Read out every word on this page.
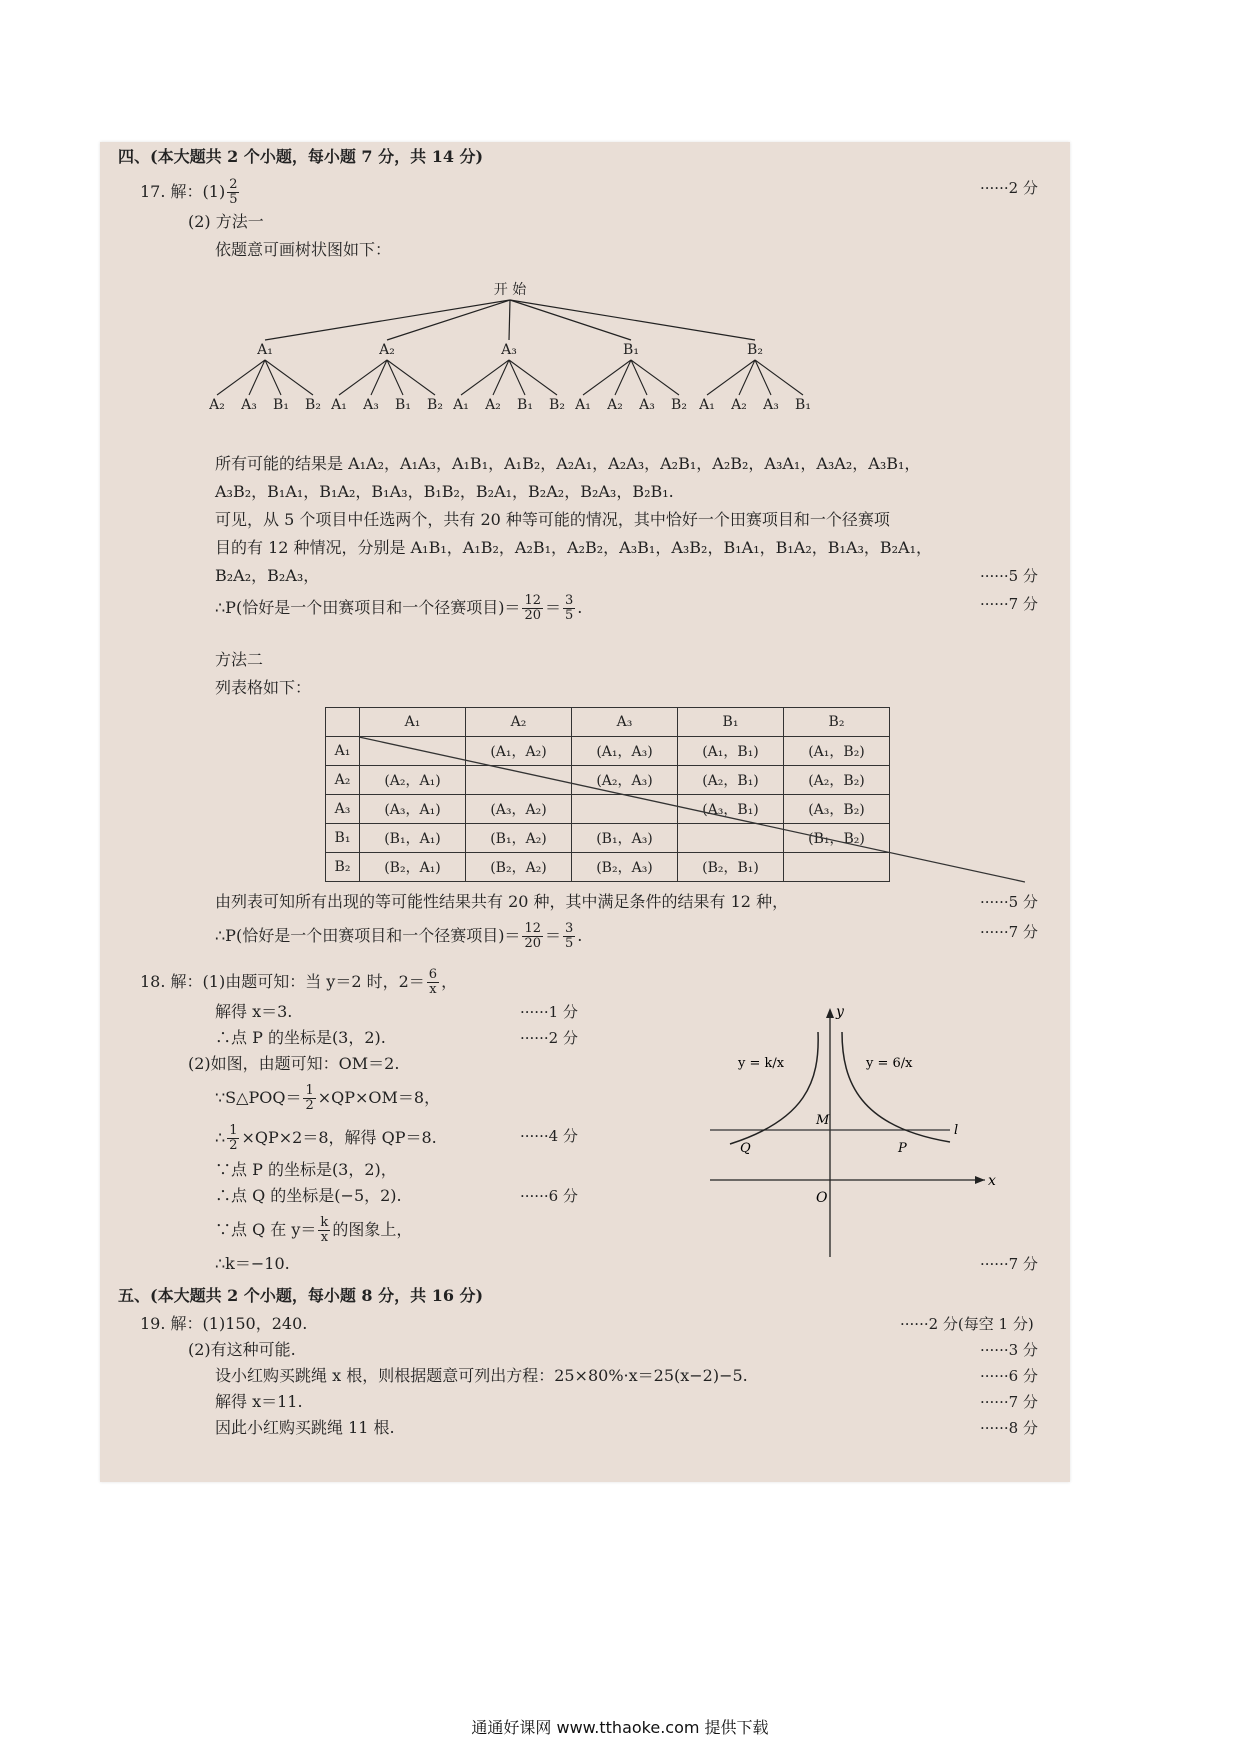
四、(本大题共 2 个小题，每小题 7 分，共 14 分)
17. 解：$(1) \frac{2}{5}$	······2 分
(2) 方法一
依题意可画树状图如下：
开 始
A₁
A₂ A₃ B₁ B₂
A₂
A₁ A₃ B₁ B₂
A₃
A₁ A₂ B₁ B₂
B₁
A₁ A₂ A₃ B₂
B₂
A₁ A₂ A₃ B₁
所有可能的结果是 A₁A₂，A₁A₃，A₁B₁，A₁B₂，A₂A₁，A₂A₃，A₂B₁，A₂B₂，A₃A₁，A₃A₂，A₃B₁，
A₃B₂，B₁A₁，B₁A₂，B₁A₃，B₁B₂，B₂A₁，B₂A₂，B₂A₃，B₂B₁.
可见，从 5 个项目中任选两个，共有 20 种等可能的情况，其中恰好一个田赛项目和一个径赛项
目的有 12 种情况，分别是 A₁B₁，A₁B₂，A₂B₁，A₂B₂，A₃B₁，A₃B₂，B₁A₁，B₁A₂，B₁A₃，B₂A₁，
B₂A₂，B₂A₃，	······5 分
∴P(恰好是一个田赛项目和一个径赛项目)＝ $\frac{12}{20} = \frac{3}{5}$ .	······7 分
方法二
列表格如下：
	A₁	A₂	A₃	B₁	B₂
A₁		(A₁，A₂)	(A₁，A₃)	(A₁，B₁)	(A₁，B₂)
A₂	(A₂，A₁)		(A₂，A₃)	(A₂，B₁)	(A₂，B₂)
A₃	(A₃，A₁)	(A₃，A₂)		(A₃，B₁)	(A₃，B₂)
B₁	(B₁，A₁)	(B₁，A₂)	(B₁，A₃)		(B₁，B₂)
B₂	(B₂，A₁)	(B₂，A₂)	(B₂，A₃)	(B₂，B₁)	
由列表可知所有出现的等可能性结果共有 20 种，其中满足条件的结果有 12 种，	······5 分
∴P(恰好是一个田赛项目和一个径赛项目)＝ $\frac{12}{20} = \frac{3}{5}$ .	······7 分
18. 解：(1)由题可知：当 y＝2 时，$2= \frac{6}{x}$ ，
解得 x＝3.	······1 分
∴点 P 的坐标是(3，2).	······2 分
(2)如图，由题可知：OM＝2.
∵S△POQ＝ $\frac{1}{2} \times QP\times OM=8$，
∴ $\frac{1}{2} \times QP\times 2=8$，解得 QP＝8.	······4 分
∵点 P 的坐标是(3，2)，
∴点 Q 的坐标是(−5，2).	······6 分
∵点 Q 在 $y= \frac{k}{x}$ 的图象上，
∴k＝−10.	······7 分
y
x
O
y = k/x	y = 6/x
M
Q	P
l
五、(本大题共 2 个小题，每小题 8 分，共 16 分)
19. 解：(1)150，240.	······2 分(每空 1 分)
(2)有这种可能.	······3 分
设小红购买跳绳 x 根，则根据题意可列出方程：25×80%·x＝25(x−2)−5.	······6 分
解得 x＝11.	······7 分
因此小红购买跳绳 11 根.	······8 分
通通好课网 www.tthaoke.com 提供下载
